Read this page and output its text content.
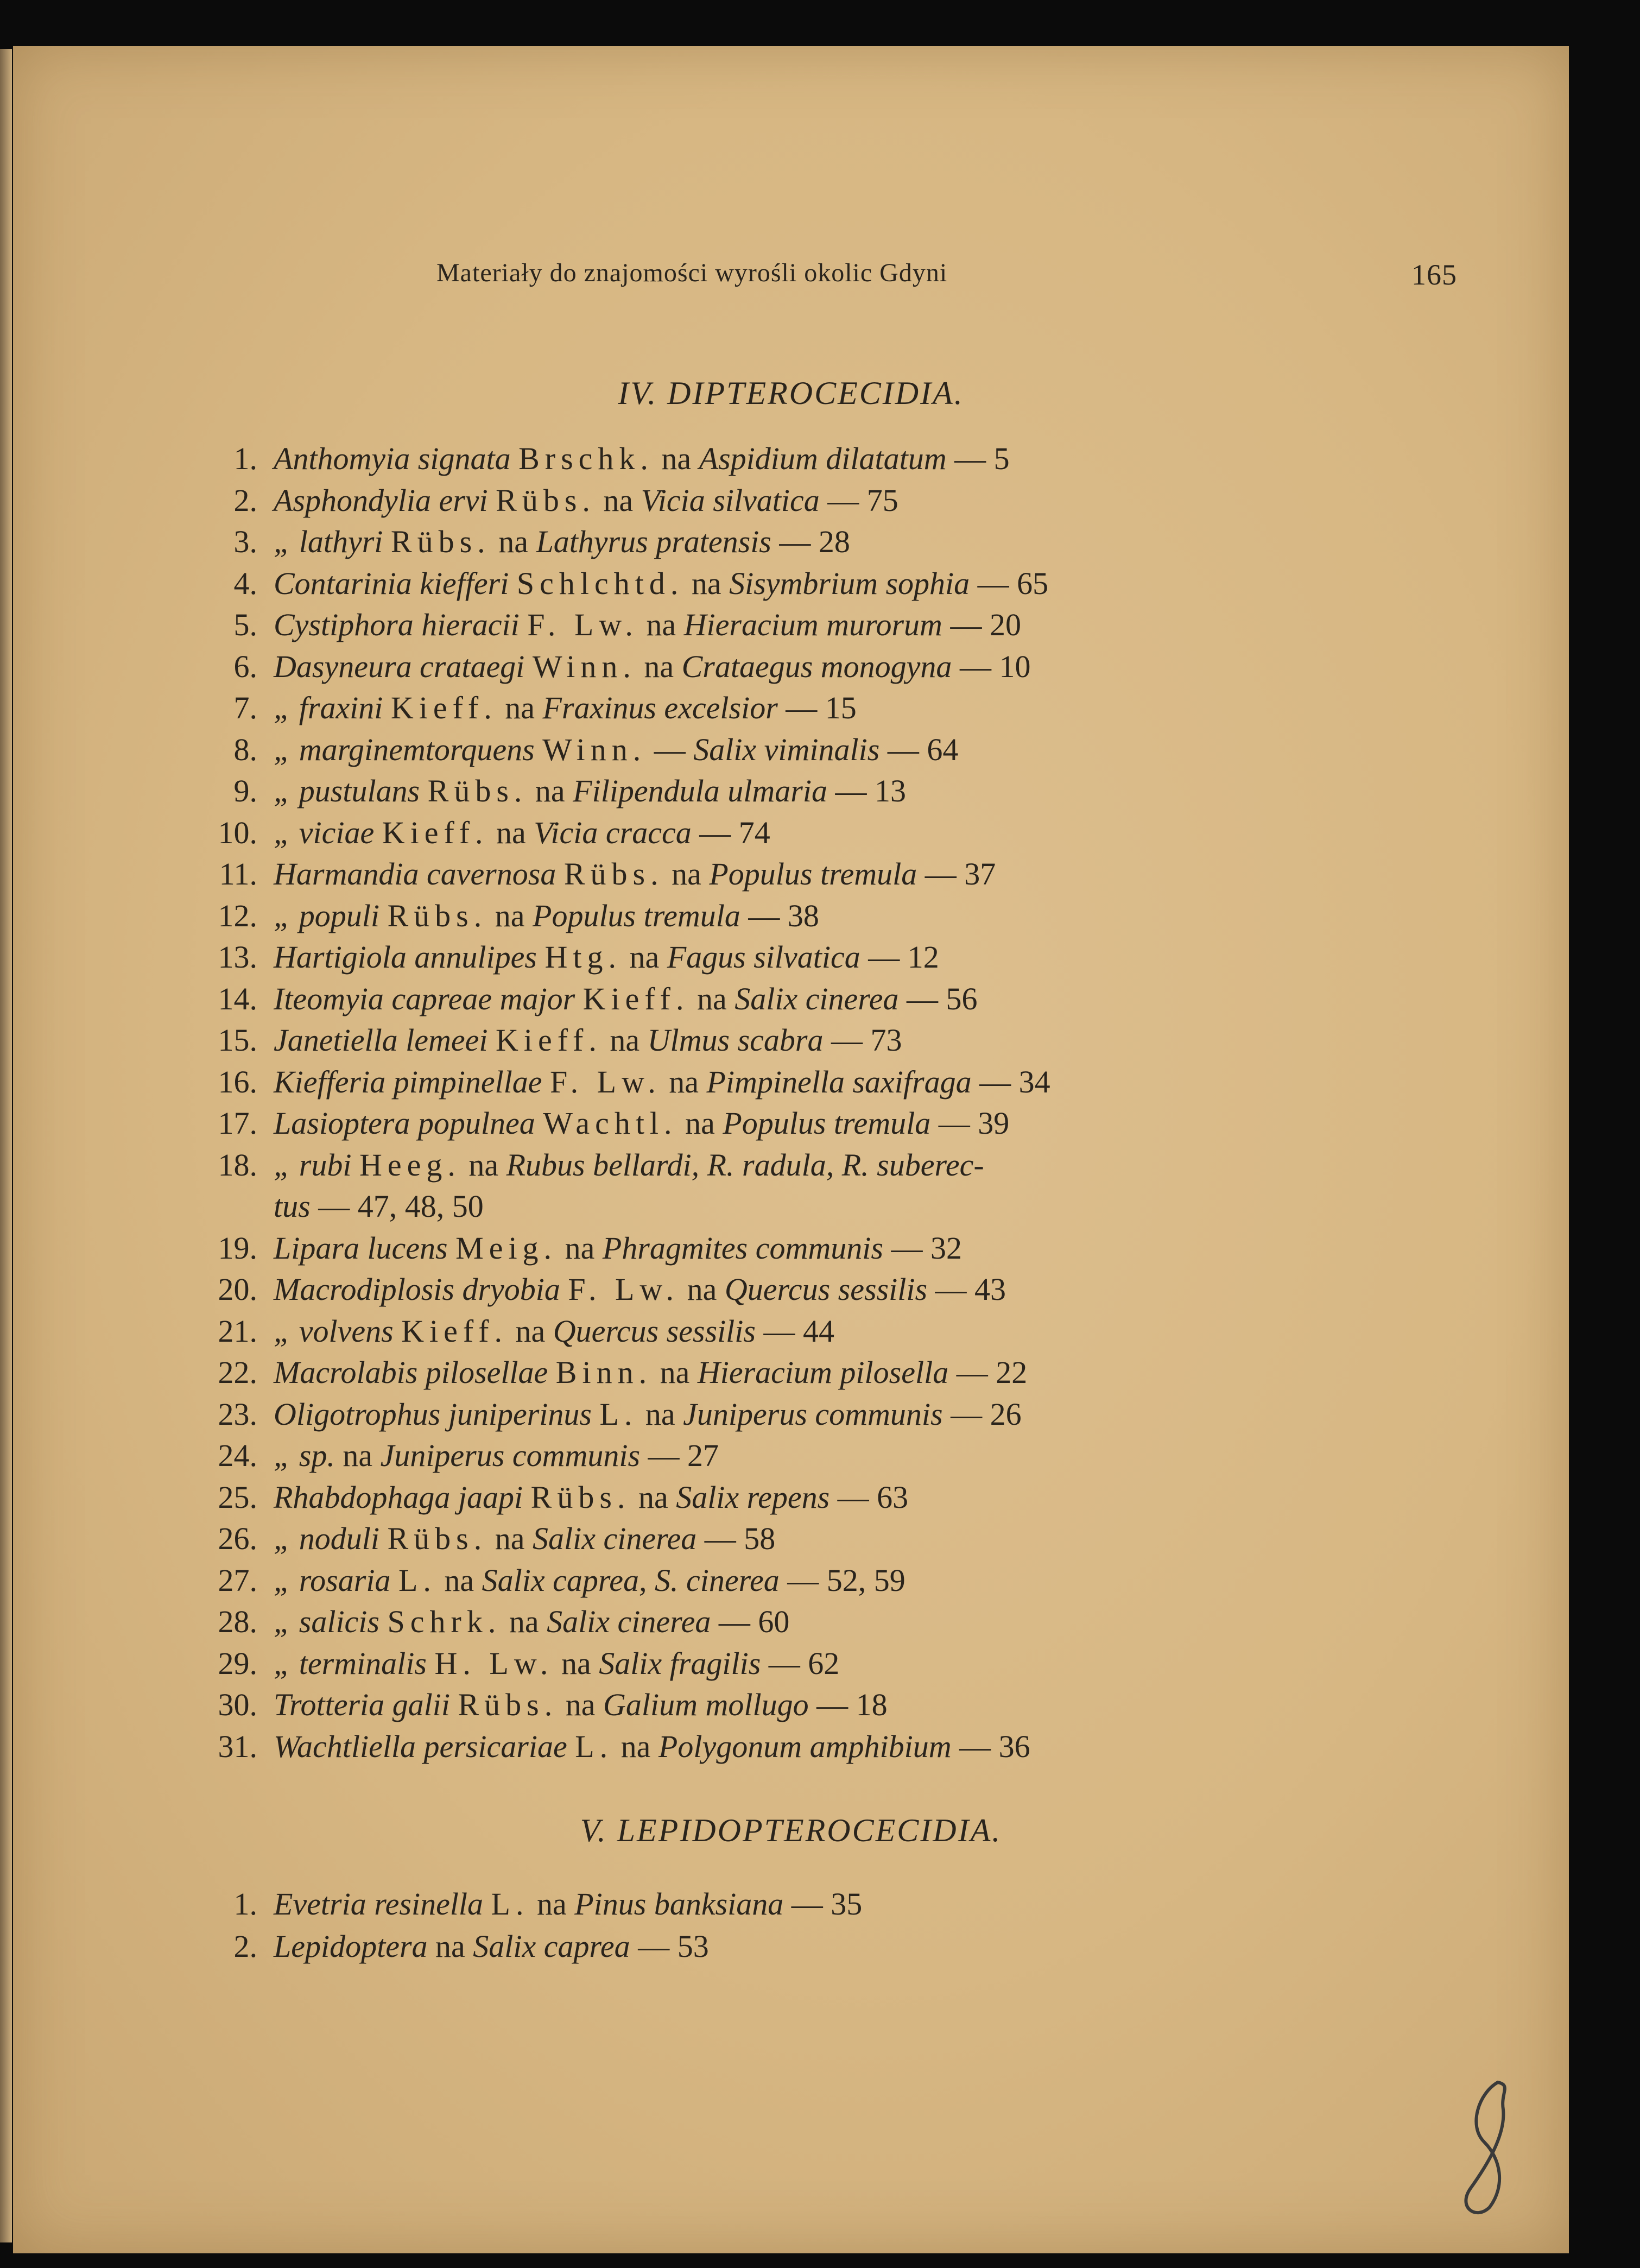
Materiały do znajomości wyrośli okolic Gdyni	165
IV. DIPTEROCECIDIA.
1. Anthomyia signata Brschk. na Aspidium dilatatum — 5
2. Asphondylia ervi Rübs. na Vicia silvatica — 75
3. „ lathyri Rübs. na Lathyrus pratensis — 28
4. Contarinia kiefferi Schlchtd. na Sisymbrium sophia — 65
5. Cystiphora hieracii F. Lw. na Hieracium murorum — 20
6. Dasyneura crataegi Winn. na Crataegus monogyna — 10
7. „ fraxini Kieff. na Fraxinus excelsior — 15
8. „ marginemtorquens Winn. — Salix viminalis — 64
9. „ pustulans Rübs. na Filipendula ulmaria — 13
10. „ viciae Kieff. na Vicia cracca — 74
11. Harmandia cavernosa Rübs. na Populus tremula — 37
12. „ populi Rübs. na Populus tremula — 38
13. Hartigiola annulipes Htg. na Fagus silvatica — 12
14. Iteomyia capreae major Kieff. na Salix cinerea — 56
15. Janetiella lemeei Kieff. na Ulmus scabra — 73
16. Kiefferia pimpinellae F. Lw. na Pimpinella saxifraga — 34
17. Lasioptera populnea Wachtl. na Populus tremula — 39
18. „ rubi Heeg. na Rubus bellardi, R. radula, R. suberec-
19. Lipara lucens Meig. na Phragmites communis — 32
20. Macrodiplosis dryobia F. Lw. na Quercus sessilis — 43
21. „ volvens Kieff. na Quercus sessilis — 44
22. Macrolabis pilosellae Binn. na Hieracium pilosella — 22
23. Oligotrophus juniperinus L. na Juniperus communis — 26
24. „ sp. na Juniperus communis — 27
25. Rhabdophaga jaapi Rübs. na Salix repens — 63
26. „ noduli Rübs. na Salix cinerea — 58
27. „ rosaria L. na Salix caprea, S. cinerea — 52, 59
28. „ salicis Schrk. na Salix cinerea — 60
29. „ terminalis H. Lw. na Salix fragilis — 62
30. Trotteria galii Rübs. na Galium mollugo — 18
31. Wachtliella persicariae L. na Polygonum amphibium — 36
tus — 47, 48, 50
V. LEPIDOPTEROCECIDIA.
1. Evetria resinella L. na Pinus banksiana — 35
2. Lepidoptera na Salix caprea — 53
